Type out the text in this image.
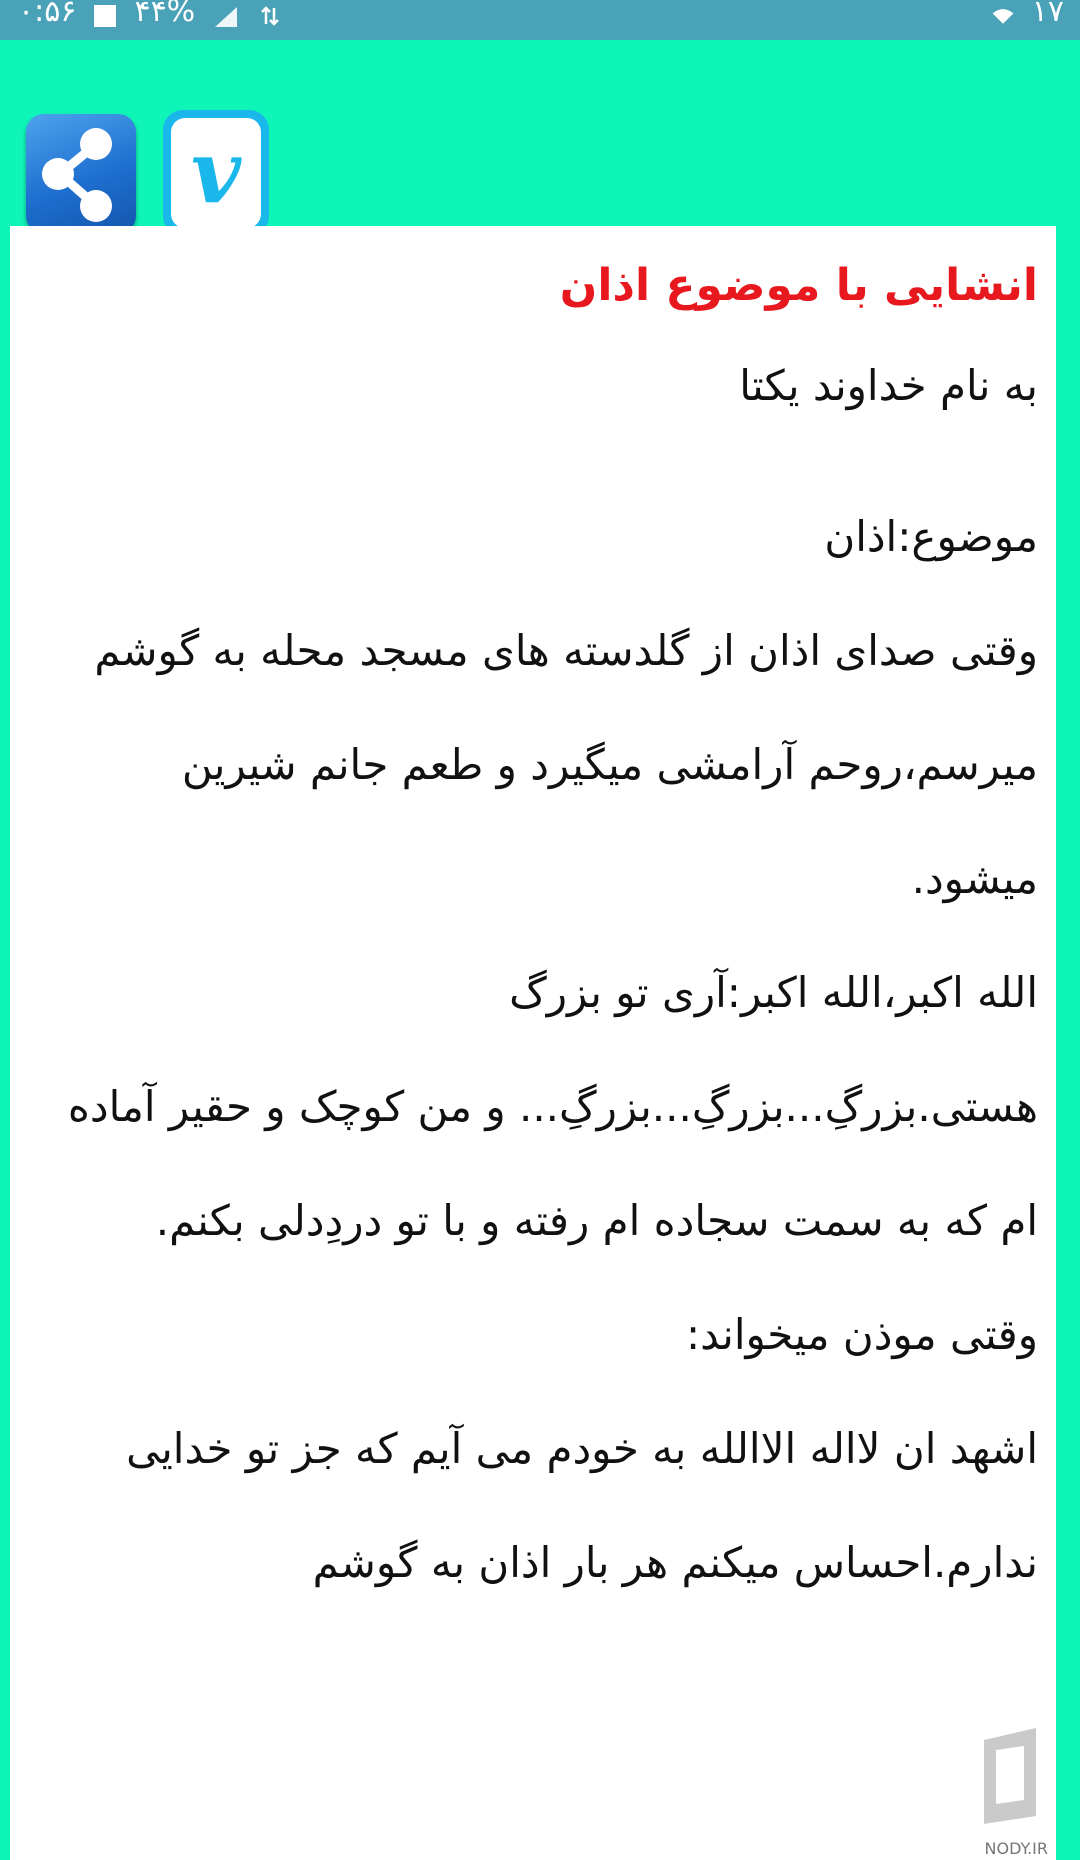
۰:۵۶ ۴۴%	۱۷
v
انشایی با موضوع اذان

به نام خداوند یکتا

موضوع:اذان

وقتی صدای اذان از گلدسته های مسجد محله به گوشم میرسم،روحم آرامشی میگیرد و طعم جانم شیرین میشود.

الله اکبر،الله اکبر:آری تو بزرگ هستی.بزرگِ...بزرگِ...بزرگِ... و من کوچک و حقیر آماده ام که به سمت سجاده ام رفته و با تو دردِدلی بکنم.

وقتی موذن میخواند:

اشهد ان لااله الاالله به خودم می آیم که جز تو خدایی ندارم.احساس میکنم هر بار اذان به گوشم

NODY.IR
